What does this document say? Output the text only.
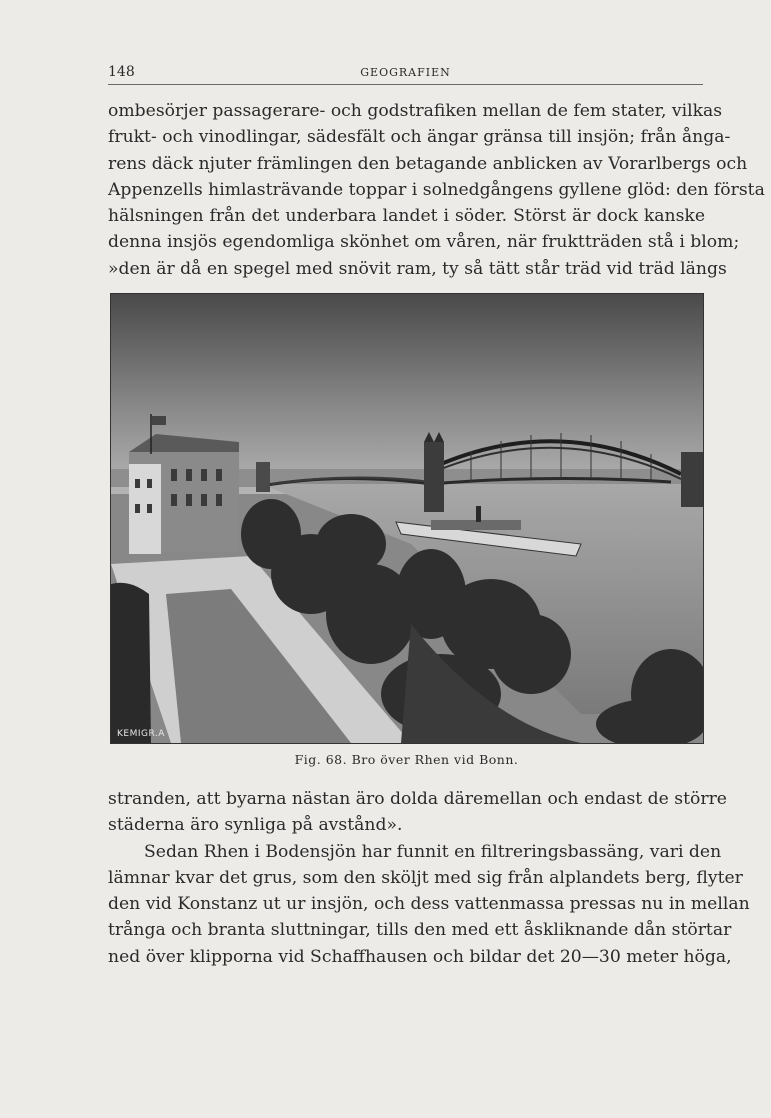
148	GEOGRAFIEN

ombesörjer passagerare- och godstrafiken mellan de fem stater, vilkas
frukt- och vinodlingar, sädesfält och ängar gränsa till insjön; från ånga-
rens däck njuter främlingen den betagande anblicken av Vorarlbergs och
Appenzells himlasträvande toppar i solnedgångens gyllene glöd: den första
hälsningen från det underbara landet i söder. Störst är dock kanske
denna insjös egendomliga skönhet om våren, när fruktträden stå i blom;
»den är då en spegel med snövit ram, ty så tätt står träd vid träd längs

KEMIGR.A
Fig. 68. Bro över Rhen vid Bonn.

stranden, att byarna nästan äro dolda däremellan och endast de större
städerna äro synliga på avstånd».

Sedan Rhen i Bodensjön har funnit en filtreringsbassäng, vari den
lämnar kvar det grus, som den sköljt med sig från alplandets berg, flyter
den vid Konstanz ut ur insjön, och dess vattenmassa pressas nu in mellan
trånga och branta sluttningar, tills den med ett åskliknande dån störtar
ned över klipporna vid Schaffhausen och bildar det 20—30 meter höga,
